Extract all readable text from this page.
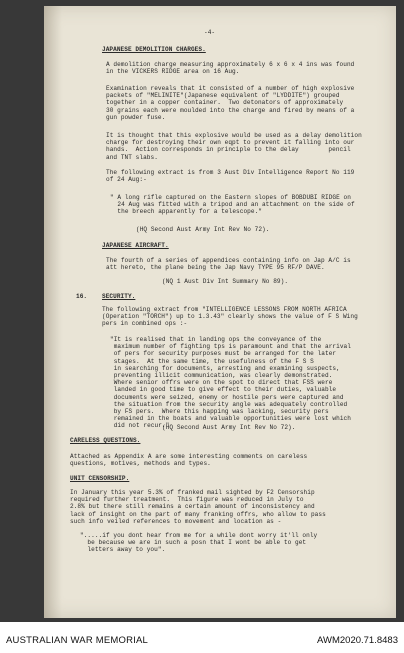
-4-

JAPANESE DEMOLITION CHARGES.

A demolition charge measuring approximately 6 x 6 x 4 ins was found
in the VICKERS RIDGE area on 16 Aug.

Examination reveals that it consisted of a number of high explosive
packets of "MELINITE"(Japanese equivalent of "LYDDITE") grouped
together in a copper container.  Two detonators of approximately
30 grains each were moulded into the charge and fired by means of a
gun powder fuse.

It is thought that this explosive would be used as a delay demolition
charge for destroying their own eqpt to prevent it falling into our
hands.  Action corresponds in principle to the delay        pencil
and TNT slabs.

The following extract is from 3 Aust Div Intelligence Report No 119
of 24 Aug:-

" A long rifle captured on the Eastern slopes of BOBDUBI RIDGE on
24 Aug was fitted with a tripod and an attachment on the side of
the breech apparently for a telescope."

(HQ Second Aust Army Int Rev No 72).

JAPANESE AIRCRAFT.

The fourth of a series of appendices containing info on Jap A/C is
att hereto, the plane being the Jap Navy TYPE 95 RF/P DAVE.

(NQ 1 Aust Div Int Summary No 89).

16. SECURITY.

The following extract from "INTELLIGENCE LESSONS FROM NORTH AFRICA
(Operation "TORCH") up to 1.3.43" clearly shows the value of F S Wing
pers in combined ops :-

"It is realised that in landing ops the conveyance of the
maximum number of fighting tps is paramount and that the arrival
of pers for security purposes must be arranged for the later
stages.  At the same time, the usefulness of the F S S
in searching for documents, arresting and examining suspects,
preventing illicit communication, was clearly demonstrated.
Where senior offrs were on the spot to direct that FSS were
landed in good time to give effect to their duties, valuable
documents were seized, enemy or hostile pers were captured and
the situation from the security angle was adequately controlled
by FS pers.  Where this happing was lacking, security pers
remained in the boats and valuable opportunities were lost which
did not recur."

(HQ Second Aust Army Int Rev No 72).

CARELESS QUESTIONS.

Attached as Appendix A are some interesting comments on careless
questions, motives, methods and types.

UNIT CENSORSHIP.

In January this year 5.3% of franked mail sighted by F2 Censorship
required further treatment.  This figure was reduced in July to
2.8% but there still remains a certain amount of inconsistency and
lack of insight on the part of many franking offrs, who allow to pass
such info veiled references to movement and location as -

".....if you dont hear from me for a while dont worry it'll only
be because we are in such a posn that I wont be able to get
letters away to you".

AUSTRALIAN WAR MEMORIAL	AWM2020.71.8483
